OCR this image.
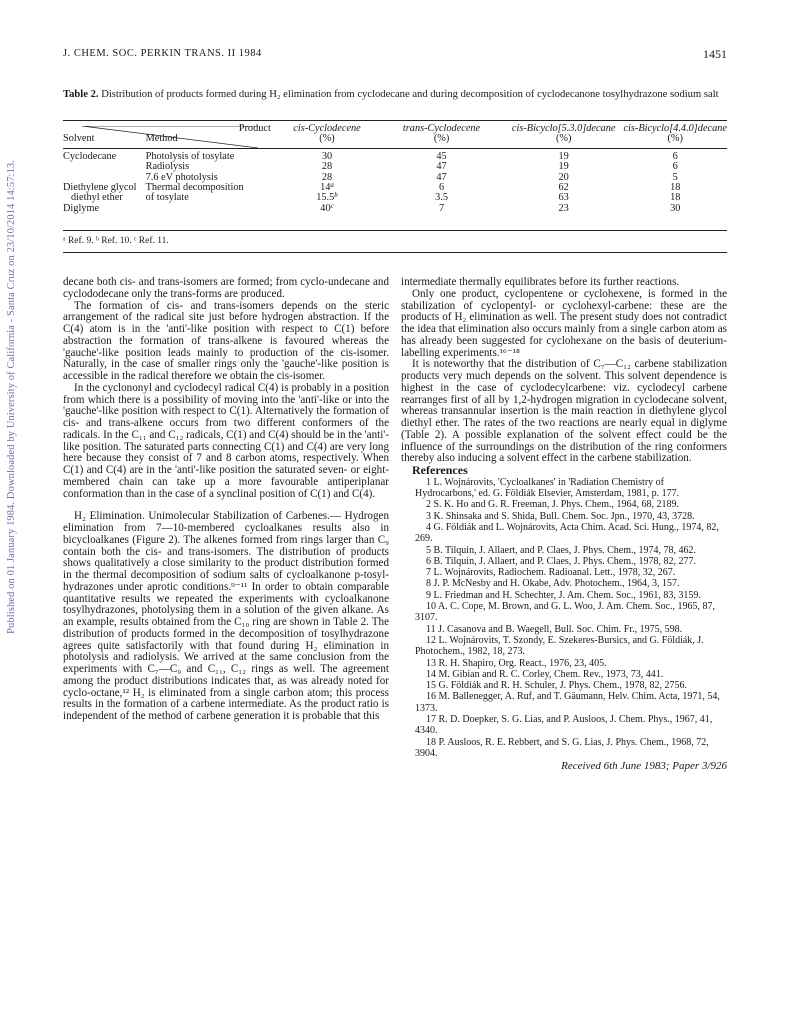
Published on 01 January 1984. Downloaded by University of California - Santa Cruz on 23/10/2014 14:57:13.
J. CHEM. SOC. PERKIN TRANS. II 1984	1451
Table 2. Distribution of products formed during H₂ elimination from cyclodecane and during decomposition of cyclodecanone tosylhydrazone sodium salt
	Product	cis-Cyclodecene	trans-Cyclodecene	cis-Bicyclo[5.3.0]decane	cis-Bicyclo[4.4.0]decane
Solvent	Method	(%)	(%)	(%)	(%)

Cyclodecane	Photolysis of tosylate	30	45	19	6
	Radiolysis	28	47	19	6
	7.6 eV photolysis	28	47	20	5
Diethylene glycol	Thermal decomposition	14$^a$	6	62	18
diethyl ether	of tosylate	15.5$^b$	3.5	63	18
Diglyme		40$^c$	7	23	30
ᵃ Ref. 9. ᵇ Ref. 10. ᶜ Ref. 11.

decane both cis- and trans-isomers are formed; from cyclo-undecane and cyclododecane only the trans-forms are produced.

The formation of cis- and trans-isomers depends on the steric arrangement of the radical site just before hydrogen abstraction. If the C(4) atom is in the 'anti'-like position with respect to C(1) before abstraction the formation of trans-alkene is favoured whereas the 'gauche'-like position leads mainly to production of the cis-isomer. Naturally, in the case of smaller rings only the 'gauche'-like position is accessible in the radical therefore we obtain the cis-isomer.

In the cyclononyl and cyclodecyl radical C(4) is probably in a position from which there is a possibility of moving into the 'anti'-like or into the 'gauche'-like position with respect to C(1). Alternatively the formation of cis- and trans-alkene occurs from two different conformers of the radicals. In the C₁₁ and C₁₂ radicals, C(1) and C(4) should be in the 'anti'-like position. The saturated parts connecting C(1) and C(4) are very long here because they consist of 7 and 8 carbon atoms, respectively. When C(1) and C(4) are in the 'anti'-like position the saturated seven- or eight-membered chain can take up a more favourable antiperiplanar conformation than in the case of a synclinal position of C(1) and C(4).

H₂ Elimination. Unimolecular Stabilization of Carbenes.— Hydrogen elimination from 7—10-membered cycloalkanes results also in bicycloalkanes (Figure 2). The alkenes formed from rings larger than C₉ contain both the cis- and trans-isomers. The distribution of products shows qualitatively a close similarity to the product distribution formed in the thermal decomposition of sodium salts of cycloalkanone p-tosyl-hydrazones under aprotic conditions.⁹⁻¹¹ In order to obtain comparable quantitative results we repeated the experiments with cycloalkanone tosylhydrazones, photolysing them in a solution of the given alkane. As an example, results obtained from the C₁₀ ring are shown in Table 2. The distribution of products formed in the decomposition of tosylhydrazone agrees quite satisfactorily with that found during H₂ elimination in photolysis and radiolysis. We arrived at the same conclusion from the experiments with C₇—C₉ and C₁₁, C₁₂ rings as well. The agreement among the product distributions indicates that, as was already noted for cyclo-octane,¹² H₂ is eliminated from a single carbon atom; this process results in the formation of a carbene intermediate. As the product ratio is independent of the method of carbene generation it is probable that this

intermediate thermally equilibrates before its further reactions.

Only one product, cyclopentene or cyclohexene, is formed in the stabilization of cyclopentyl- or cyclohexyl-carbene: these are the products of H₂ elimination as well. The present study does not contradict the idea that elimination also occurs mainly from a single carbon atom as has already been suggested for cyclohexane on the basis of deuterium-labelling experiments.¹⁶⁻¹⁸

It is noteworthy that the distribution of C₇—C₁₂ carbene stabilization products very much depends on the solvent. This solvent dependence is highest in the case of cyclodecylcarbene: viz. cyclodecyl carbene rearranges first of all by 1,2-hydrogen migration in cyclodecane solvent, whereas transannular insertion is the main reaction in diethylene glycol diethyl ether. The rates of the two reactions are nearly equal in diglyme (Table 2). A possible explanation of the solvent effect could be the influence of the surroundings on the distribution of the ring conformers thereby also inducing a solvent effect in the carbene stabilization.

References

1 L. Wojnárovits, 'Cycloalkanes' in 'Radiation Chemistry of Hydrocarbons,' ed. G. Földiák Elsevier, Amsterdam, 1981, p. 177.

2 S. K. Ho and G. R. Freeman, J. Phys. Chem., 1964, 68, 2189.

3 K. Shinsaka and S. Shida, Bull. Chem. Soc. Jpn., 1970, 43, 3728.

4 G. Földiák and L. Wojnárovits, Acta Chim. Acad. Sci. Hung., 1974, 82, 269.

5 B. Tilquin, J. Allaert, and P. Claes, J. Phys. Chem., 1974, 78, 462.

6 B. Tilquin, J. Allaert, and P. Claes, J. Phys. Chem., 1978, 82, 277.

7 L. Wojnárovits, Radiochem. Radioanal. Lett., 1978, 32, 267.

8 J. P. McNesby and H. Okabe, Adv. Photochem., 1964, 3, 157.

9 L. Friedman and H. Schechter, J. Am. Chem. Soc., 1961, 83, 3159.

10 A. C. Cope, M. Brown, and G. L. Woo, J. Am. Chem. Soc., 1965, 87, 3107.

11 J. Casanova and B. Waegell, Bull. Soc. Chim. Fr., 1975, 598.

12 L. Wojnárovits, T. Szondy, E. Szekeres-Bursics, and G. Földiák, J. Photochem., 1982, 18, 273.

13 R. H. Shapiro, Org. React., 1976, 23, 405.

14 M. Gibian and R. C. Corley, Chem. Rev., 1973, 73, 441.

15 G. Földiák and R. H. Schuler, J. Phys. Chem., 1978, 82, 2756.

16 M. Ballenegger, A. Ruf, and T. Gäumann, Helv. Chim. Acta, 1971, 54, 1373.

17 R. D. Doepker, S. G. Lias, and P. Ausloos, J. Chem. Phys., 1967, 41, 4340.

18 P. Ausloos, R. E. Rebbert, and S. G. Lias, J. Phys. Chem., 1968, 72, 3904.

Received 6th June 1983; Paper 3/926
